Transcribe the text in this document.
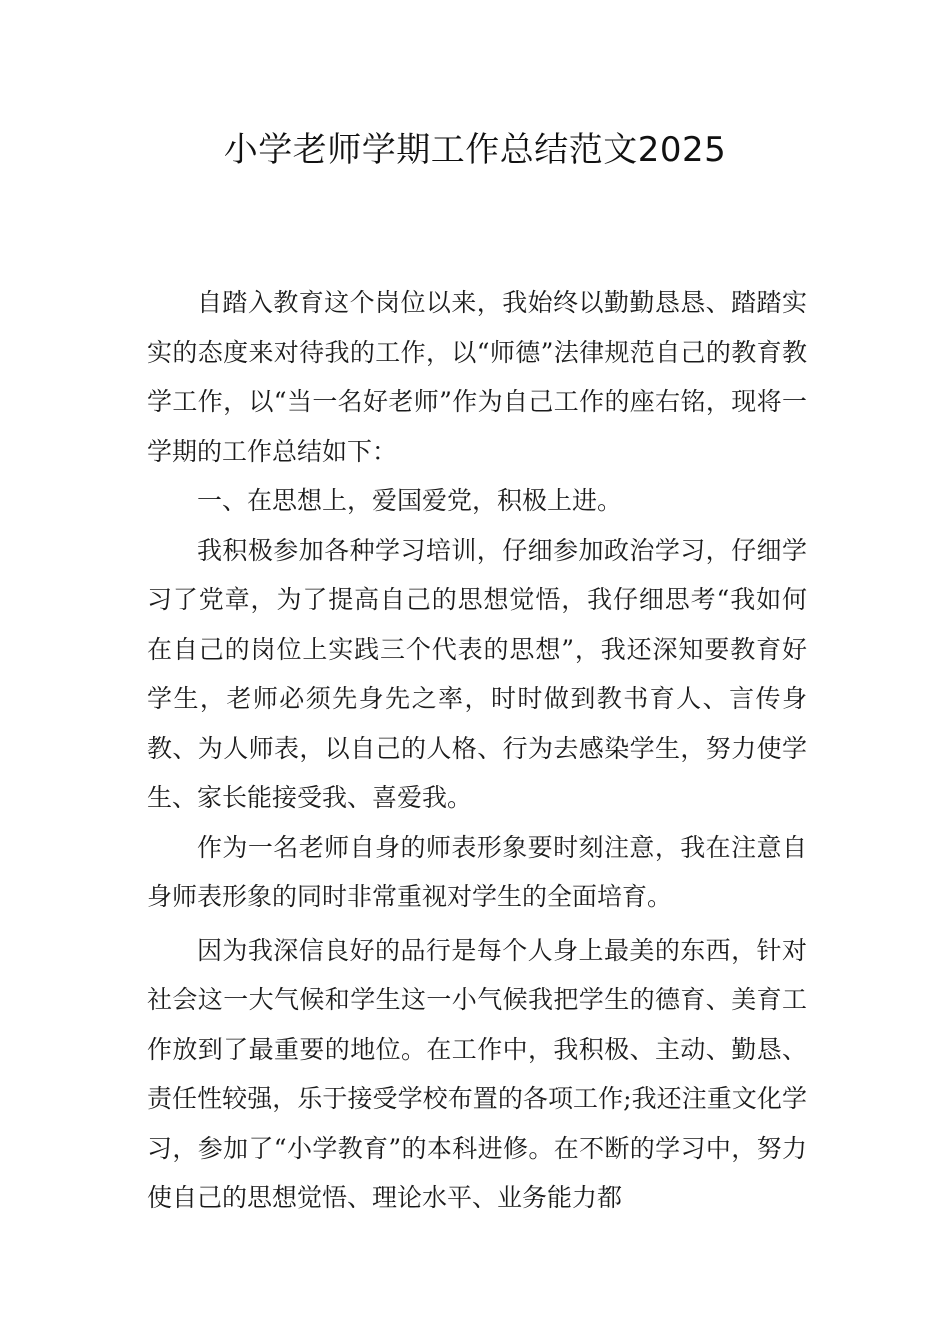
小学老师学期工作总结范文2025

自踏入教育这个岗位以来，我始终以勤勤恳恳、踏踏实实的态度来对待我的工作，以“师德”法律规范自己的教育教学工作，以“当一名好老师”作为自己工作的座右铭，现将一学期的工作总结如下：

一、在思想上，爱国爱党，积极上进。

我积极参加各种学习培训，仔细参加政治学习，仔细学习了党章，为了提高自己的思想觉悟，我仔细思考“我如何在自己的岗位上实践三个代表的思想”，我还深知要教育好学生，老师必须先身先之率，时时做到教书育人、言传身教、为人师表，以自己的人格、行为去感染学生，努力使学生、家长能接受我、喜爱我。

作为一名老师自身的师表形象要时刻注意，我在注意自身师表形象的同时非常重视对学生的全面培育。

因为我深信良好的品行是每个人身上最美的东西，针对社会这一大气候和学生这一小气候我把学生的德育、美育工作放到了最重要的地位。在工作中，我积极、主动、勤恳、责任性较强，乐于接受学校布置的各项工作;我还注重文化学习，参加了“小学教育”的本科进修。在不断的学习中，努力使自己的思想觉悟、理论水平、业务能力都
